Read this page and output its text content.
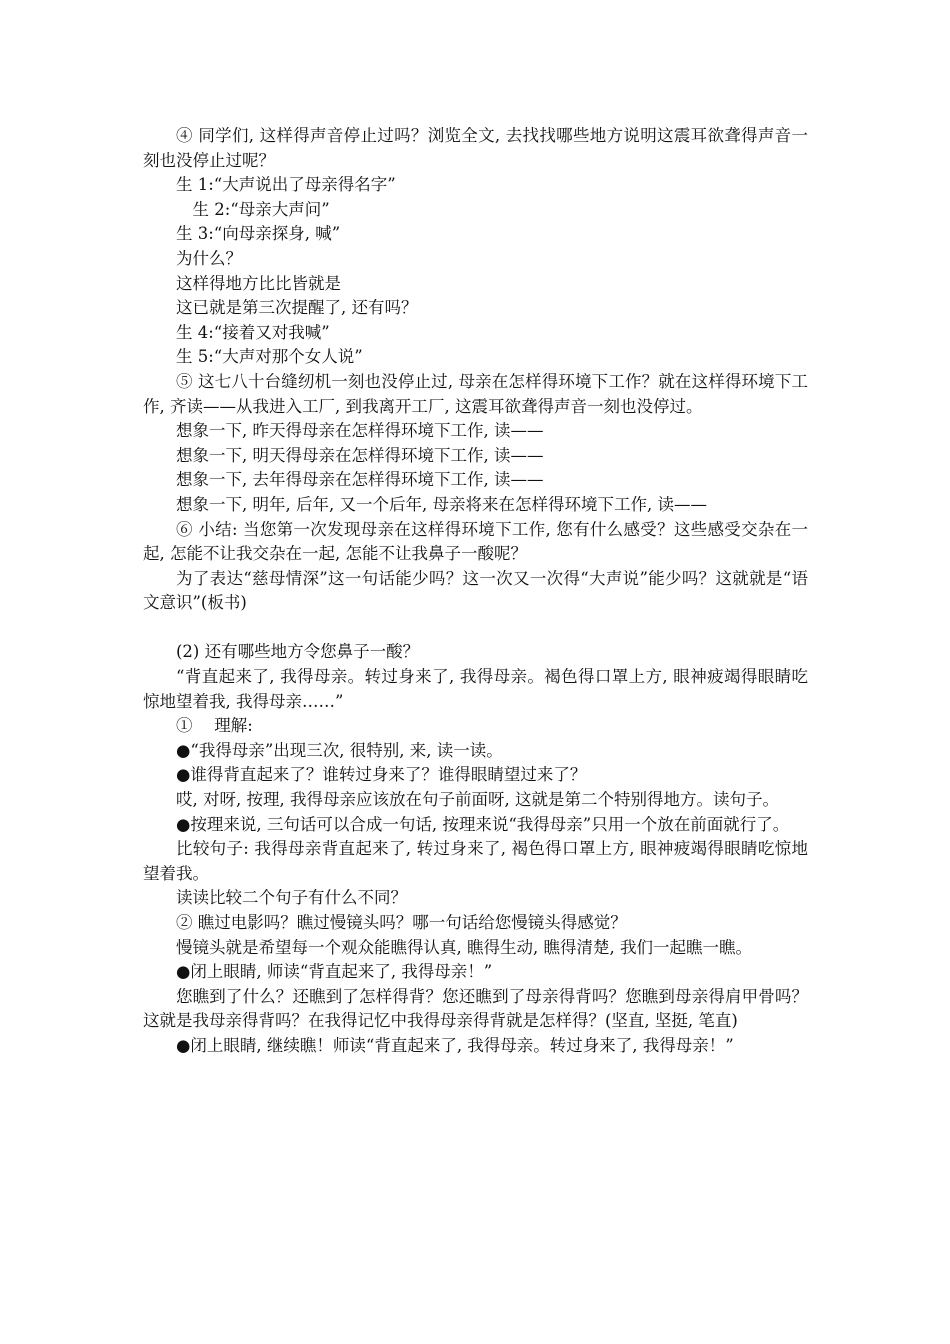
④ 同学们, 这样得声音停止过吗？浏览全文, 去找找哪些地方说明这震耳欲聋得声音一刻也没停止过呢？

生 1:“大声说出了母亲得名字”

生 2:“母亲大声问”

生 3:“向母亲探身, 喊”

为什么？

这样得地方比比皆就是

这已就是第三次提醒了, 还有吗？

生 4:“接着又对我喊”

生 5:“大声对那个女人说”

⑤ 这七八十台缝纫机一刻也没停止过, 母亲在怎样得环境下工作？就在这样得环境下工作, 齐读——从我进入工厂, 到我离开工厂, 这震耳欲聋得声音一刻也没停过。

想象一下, 昨天得母亲在怎样得环境下工作, 读——

想象一下, 明天得母亲在怎样得环境下工作, 读——

想象一下, 去年得母亲在怎样得环境下工作, 读——

想象一下, 明年, 后年, 又一个后年, 母亲将来在怎样得环境下工作, 读——

⑥ 小结: 当您第一次发现母亲在这样得环境下工作, 您有什么感受？这些感受交杂在一起, 怎能不让我交杂在一起, 怎能不让我鼻子一酸呢？

为了表达“慈母情深”这一句话能少吗？这一次又一次得“大声说”能少吗？这就就是“语文意识”(板书)

(2) 还有哪些地方令您鼻子一酸？

“背直起来了, 我得母亲。转过身来了, 我得母亲。褐色得口罩上方, 眼神疲竭得眼睛吃惊地望着我, 我得母亲……”

①　 理解:

●“我得母亲”出现三次, 很特别, 来, 读一读。

●谁得背直起来了？谁转过身来了？谁得眼睛望过来了？

哎, 对呀, 按理, 我得母亲应该放在句子前面呀, 这就是第二个特别得地方。读句子。

●按理来说, 三句话可以合成一句话, 按理来说“我得母亲”只用一个放在前面就行了。

比较句子: 我得母亲背直起来了, 转过身来了, 褐色得口罩上方, 眼神疲竭得眼睛吃惊地望着我。

读读比较二个句子有什么不同？

② 瞧过电影吗？瞧过慢镜头吗？哪一句话给您慢镜头得感觉？

慢镜头就是希望每一个观众能瞧得认真, 瞧得生动, 瞧得清楚, 我们一起瞧一瞧。

●闭上眼睛, 师读“背直起来了, 我得母亲！”

您瞧到了什么？还瞧到了怎样得背？您还瞧到了母亲得背吗？您瞧到母亲得肩甲骨吗？这就是我母亲得背吗？在我得记忆中我得母亲得背就是怎样得？(坚直, 坚挺, 笔直)

●闭上眼睛, 继续瞧！师读“背直起来了, 我得母亲。转过身来了, 我得母亲！”
